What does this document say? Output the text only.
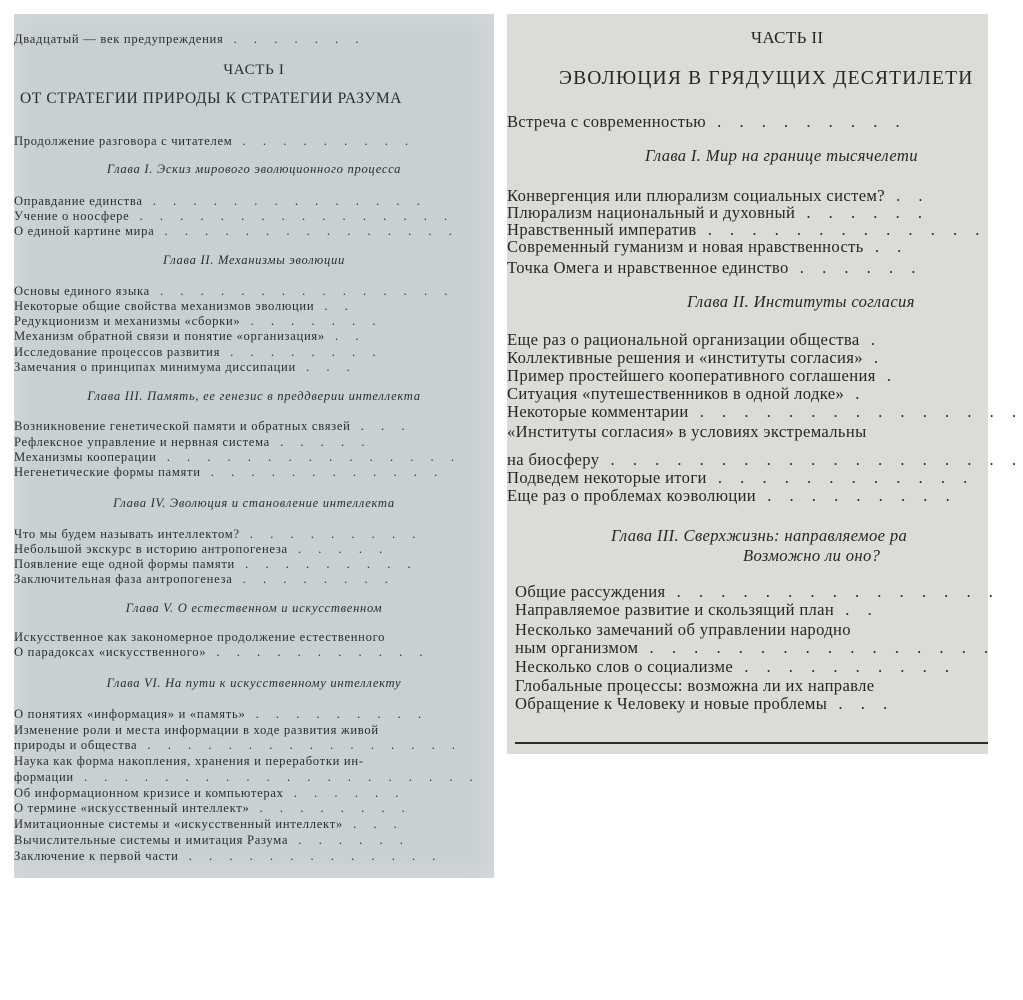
Двадцатый — век предупреждения . . . . . . .
ЧАСТЬ I
ОТ СТРАТЕГИИ ПРИРОДЫ К СТРАТЕГИИ РАЗУМА
Продолжение разговора с читателем . . . . . . . . .
Глава I. Эскиз мирового эволюционного процесса
Оправдание единства . . . . . . . . . . . . . .
Учение о ноосфере . . . . . . . . . . . . . . . .
О единой картине мира . . . . . . . . . . . . . . .
Глава II. Механизмы эволюции
Основы единого языка . . . . . . . . . . . . . . .
Некоторые общие свойства механизмов эволюции . .
Редукционизм и механизмы «сборки» . . . . . . .
Механизм обратной связи и понятие «организация» . .
Исследование процессов развития . . . . . . . .
Замечания о принципах минимума диссипации . . .
Глава III. Память, ее генезис в преддверии интеллекта
Возникновение генетической памяти и обратных связей . . .
Рефлексное управление и нервная система . . . . .
Механизмы кооперации . . . . . . . . . . . . . . .
Негенетические формы памяти . . . . . . . . . . . .
Глава IV. Эволюция и становление интеллекта
Что мы будем называть интеллектом? . . . . . . . . .
Небольшой экскурс в историю антропогенеза . . . . .
Появление еще одной формы памяти . . . . . . . . .
Заключительная фаза антропогенеза . . . . . . . .
Глава V. О естественном и искусственном
Искусственное как закономерное продолжение естественного
О парадоксах «искусственного» . . . . . . . . . . .
Глава VI. На пути к искусственному интеллекту
О понятиях «информация» и «память» . . . . . . . . .
Изменение роли и места информации в ходе развития живой
природы и общества . . . . . . . . . . . . . . . .
Наука как форма накопления, хранения и переработки ин-
формации . . . . . . . . . . . . . . . . . . . .
Об информационном кризисе и компьютерах . . . . . .
О термине «искусственный интеллект» . . . . . . . .
Имитационные системы и «искусственный интеллект» . . .
Вычислительные системы и имитация Разума . . . . . .
Заключение к первой части . . . . . . . . . . . . .
ЧАСТЬ II
ЭВОЛЮЦИЯ В ГРЯДУЩИХ ДЕСЯТИЛЕТИ
Встреча с современностью . . . . . . . . .
Глава I. Мир на границе тысячелети
Конвергенция или плюрализм социальных систем? . .
Плюрализм национальный и духовный . . . . . .
Нравственный императив . . . . . . . . . . . . .
Современный гуманизм и новая нравственность . .
Точка Омега и нравственное единство . . . . . .
Глава II. Институты согласия
Еще раз о рациональной организации общества .
Коллективные решения и «институты согласия» .
Пример простейшего кооперативного соглашения .
Ситуация «путешественников в одной лодке» .
Некоторые комментарии . . . . . . . . . . . . . . .
«Институты согласия» в условиях экстремальны
на биосферу . . . . . . . . . . . . . . . . . . .
Подведем некоторые итоги . . . . . . . . . . . .
Еще раз о проблемах коэволюции . . . . . . . . .
Глава III. Сверхжизнь: направляемое ра
Возможно ли оно?
Общие рассуждения . . . . . . . . . . . . . . .
Направляемое развитие и скользящий план . .
Несколько замечаний об управлении народно
ным организмом . . . . . . . . . . . . . . . .
Несколько слов о социализме . . . . . . . . . .
Глобальные процессы: возможна ли их направле
Обращение к Человеку и новые проблемы . . .
